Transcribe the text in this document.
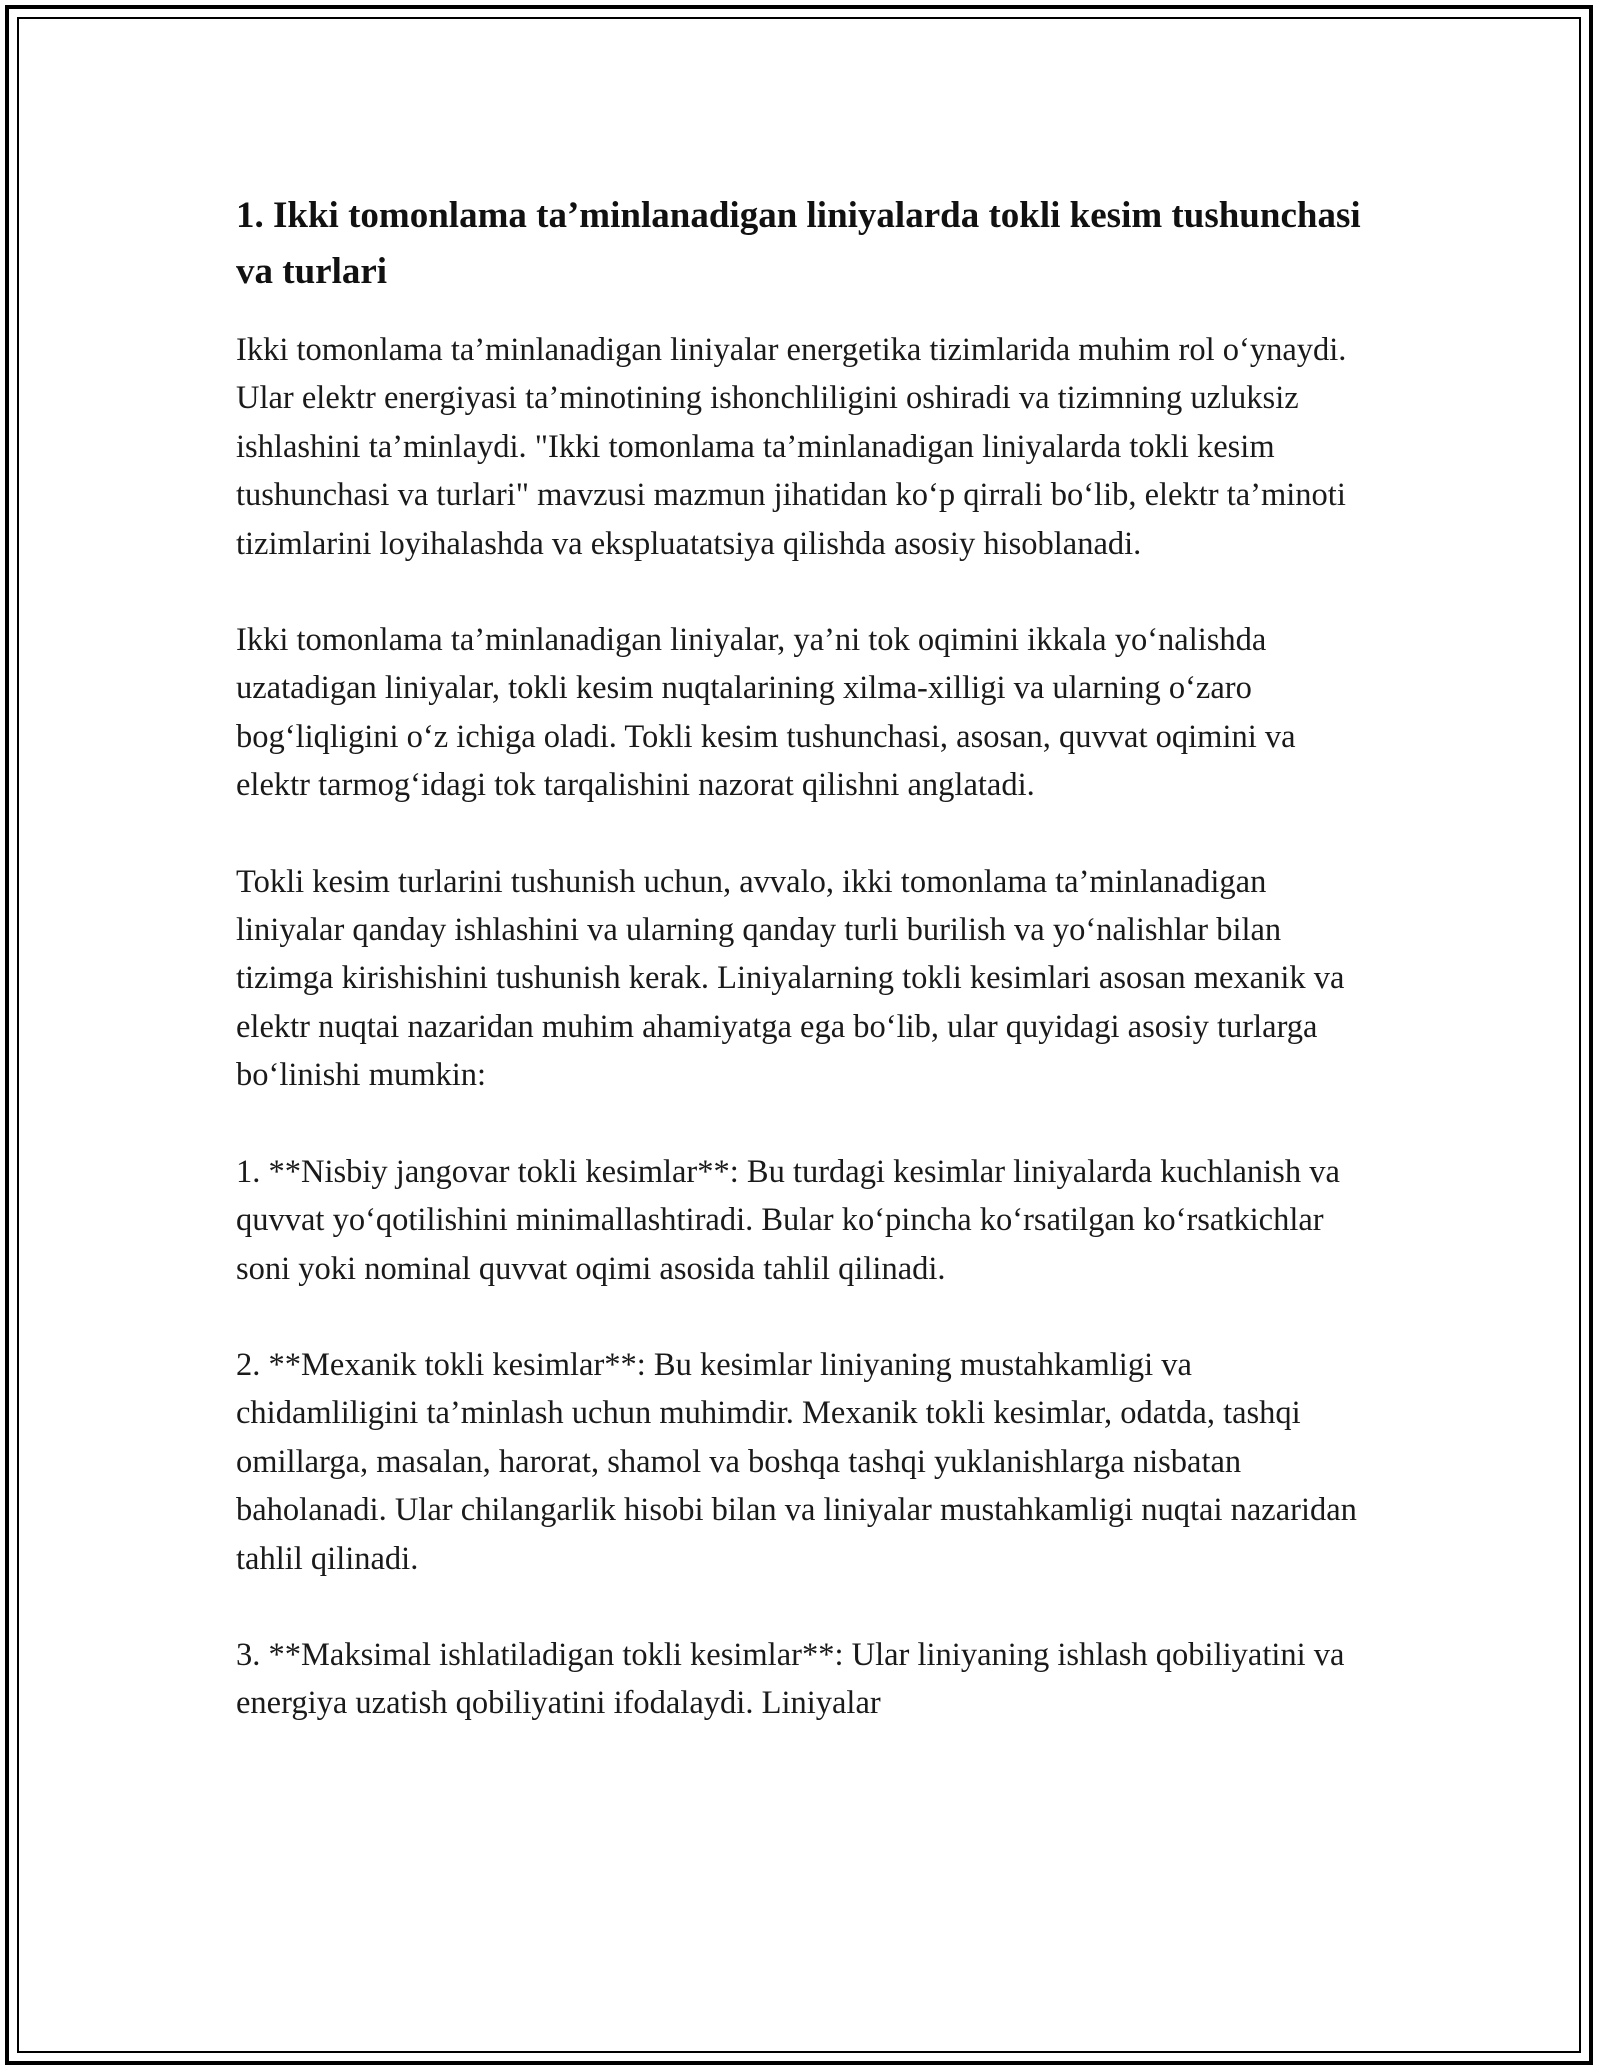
1. Ikki tomonlama ta’minlanadigan liniyalarda tokli kesim tushunchasi va turlari

Ikki tomonlama ta’minlanadigan liniyalar energetika tizimlarida muhim rol o‘ynaydi. Ular elektr energiyasi ta’minotining ishonchliligini oshiradi va tizimning uzluksiz ishlashini ta’minlaydi. "Ikki tomonlama ta’minlanadigan liniyalarda tokli kesim tushunchasi va turlari" mavzusi mazmun jihatidan ko‘p qirrali bo‘lib, elektr ta’minoti tizimlarini loyihalashda va ekspluatatsiya qilishda asosiy hisoblanadi.

Ikki tomonlama ta’minlanadigan liniyalar, ya’ni tok oqimini ikkala yo‘nalishda uzatadigan liniyalar, tokli kesim nuqtalarining xilma-xilligi va ularning o‘zaro bog‘liqligini o‘z ichiga oladi. Tokli kesim tushunchasi, asosan, quvvat oqimini va elektr tarmog‘idagi tok tarqalishini nazorat qilishni anglatadi.

Tokli kesim turlarini tushunish uchun, avvalo, ikki tomonlama ta’minlanadigan liniyalar qanday ishlashini va ularning qanday turli burilish va yo‘nalishlar bilan tizimga kirishishini tushunish kerak. Liniyalarning tokli kesimlari asosan mexanik va elektr nuqtai nazaridan muhim ahamiyatga ega bo‘lib, ular quyidagi asosiy turlarga bo‘linishi mumkin:

1. **Nisbiy jangovar tokli kesimlar**: Bu turdagi kesimlar liniyalarda kuchlanish va quvvat yo‘qotilishini minimallashtiradi. Bular ko‘pincha ko‘rsatilgan ko‘rsatkichlar soni yoki nominal quvvat oqimi asosida tahlil qilinadi.

2. **Mexanik tokli kesimlar**: Bu kesimlar liniyaning mustahkamligi va chidamliligini ta’minlash uchun muhimdir. Mexanik tokli kesimlar, odatda, tashqi omillarga, masalan, harorat, shamol va boshqa tashqi yuklanishlarga nisbatan baholanadi. Ular chilangarlik hisobi bilan va liniyalar mustahkamligi nuqtai nazaridan tahlil qilinadi.

3. **Maksimal ishlatiladigan tokli kesimlar**: Ular liniyaning ishlash qobiliyatini va energiya uzatish qobiliyatini ifodalaydi. Liniyalar
